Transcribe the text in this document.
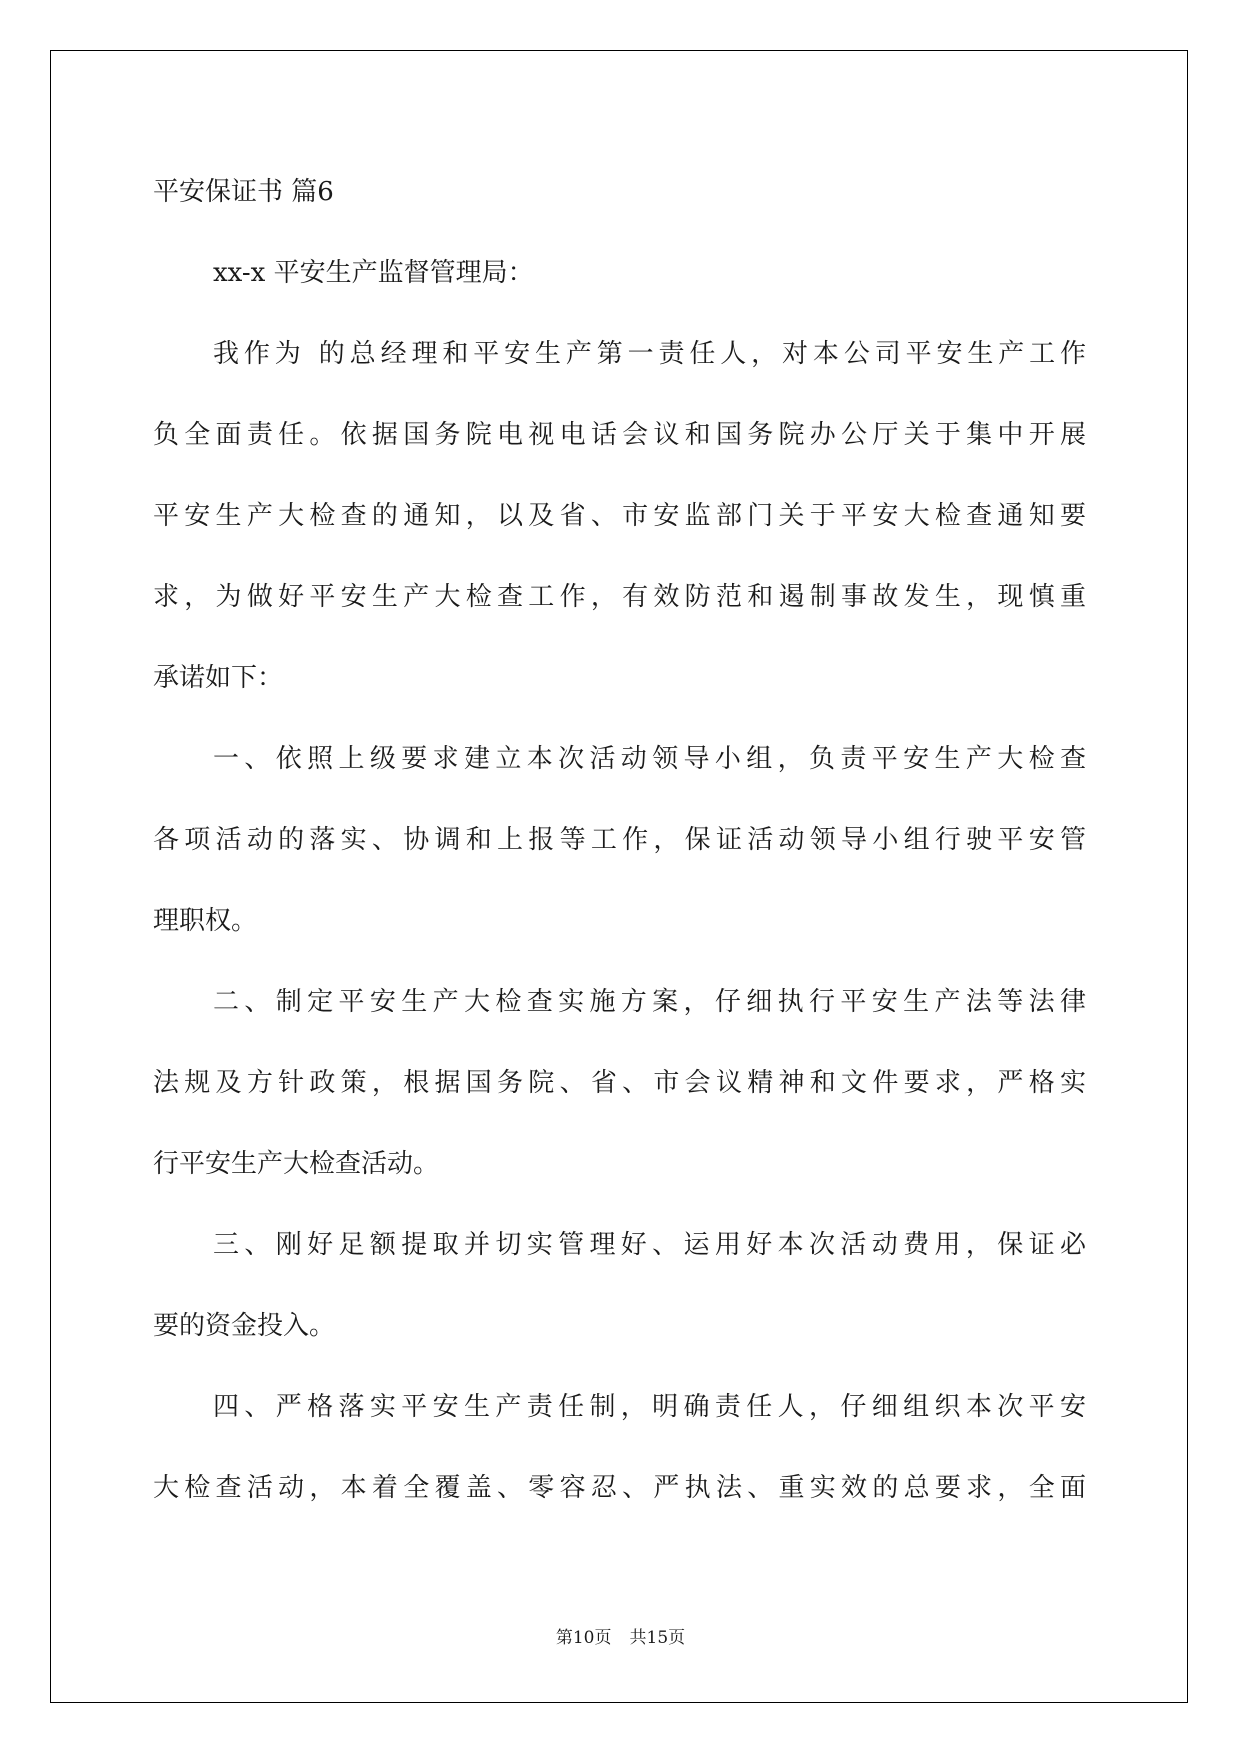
平安保证书 篇6
xx-x 平安生产监督管理局：
我作为 的总经理和平安生产第一责任人，对本公司平安生产工作
负全面责任。依据国务院电视电话会议和国务院办公厅关于集中开展
平安生产大检查的通知，以及省、市安监部门关于平安大检查通知要
求，为做好平安生产大检查工作，有效防范和遏制事故发生，现慎重
承诺如下：
一、依照上级要求建立本次活动领导小组，负责平安生产大检查
各项活动的落实、协调和上报等工作，保证活动领导小组行驶平安管
理职权。
二、制定平安生产大检查实施方案，仔细执行平安生产法等法律
法规及方针政策，根据国务院、省、市会议精神和文件要求，严格实
行平安生产大检查活动。
三、刚好足额提取并切实管理好、运用好本次活动费用，保证必
要的资金投入。
四、严格落实平安生产责任制，明确责任人，仔细组织本次平安
大检查活动，本着全覆盖、零容忍、严执法、重实效的总要求，全面
第10页 共15页
